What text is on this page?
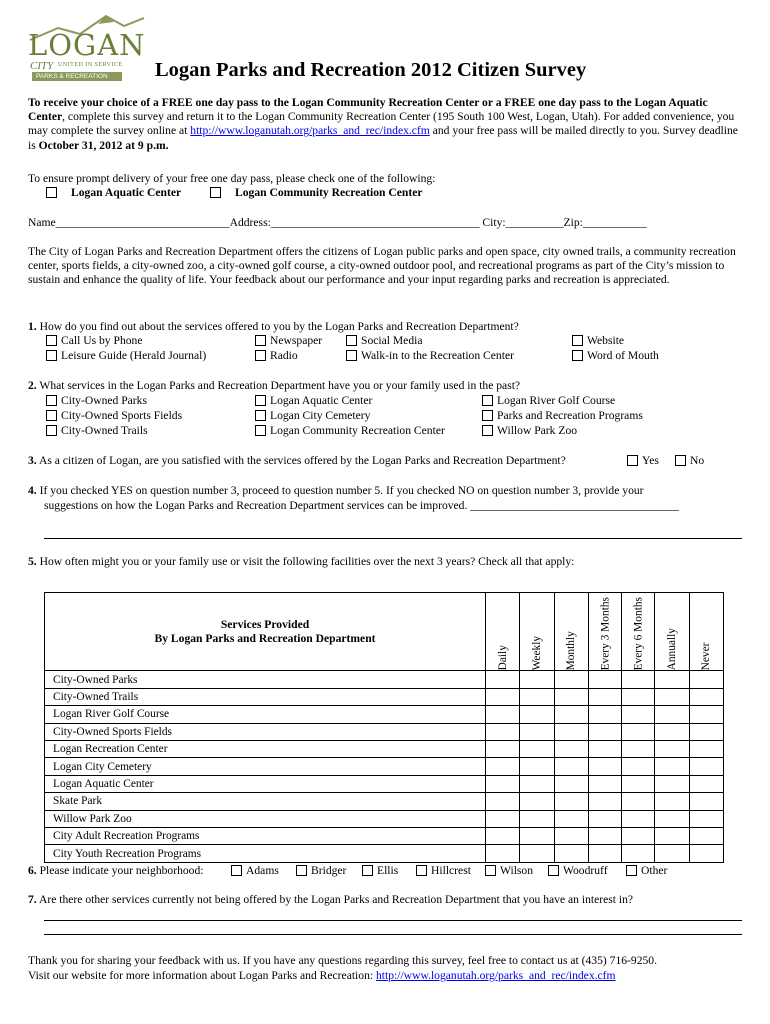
LOGAN
CITY UNITED IN SERVICE
PARKS & RECREATION	Logan Parks and Recreation 2012 Citizen Survey
To receive your choice of a FREE one day pass to the Logan Community Recreation Center or a FREE one day pass to the Logan Aquatic Center, complete this survey and return it to the Logan Community Recreation Center (195 South 100 West, Logan, Utah). For added convenience, you may complete the survey online at http://www.loganutah.org/parks_and_rec/index.cfm and your free pass will be mailed directly to you. Survey deadline is October 31, 2012 at 9 p.m.
To ensure prompt delivery of your free one day pass, please check one of the following:
Logan Aquatic Center	Logan Community Recreation Center
Name______________________________Address:____________________________________ City:__________Zip:___________
The City of Logan Parks and Recreation Department offers the citizens of Logan public parks and open space, city owned trails, a community recreation center, sports fields, a city-owned zoo, a city-owned golf course, a city-owned outdoor pool, and recreational programs as part of the City’s mission to sustain and enhance the quality of life. Your feedback about our performance and your input regarding parks and recreation is appreciated.
1. How do you find out about the services offered to you by the Logan Parks and Recreation Department?
Call Us by Phone	Newspaper	Social Media	Website
Leisure Guide (Herald Journal)	Radio	Walk-in to the Recreation Center	Word of Mouth
2. What services in the Logan Parks and Recreation Department have you or your family used in the past?
City-Owned Parks	Logan Aquatic Center	Logan River Golf Course
City-Owned Sports Fields	Logan City Cemetery	Parks and Recreation Programs
City-Owned Trails	Logan Community Recreation Center	Willow Park Zoo
3. As a citizen of Logan, are you satisfied with the services offered by the Logan Parks and Recreation Department?	Yes	No
4. If you checked YES on question number 3, proceed to question number 5. If you checked NO on question number 3, provide your
suggestions on how the Logan Parks and Recreation Department services can be improved. ____________________________________
5. How often might you or your family use or visit the following facilities over the next 3 years? Check all that apply:
Services Provided
By Logan Parks and Recreation Department	Daily	Weekly	Monthly	Every 3 Months	Every 6 Months	Annually	Never
City-Owned Parks							
City-Owned Trails							
Logan River Golf Course							
City-Owned Sports Fields							
Logan Recreation Center							
Logan City Cemetery							
Logan Aquatic Center							
Skate Park							
Willow Park Zoo							
City Adult Recreation Programs							
City Youth Recreation Programs							
6. Please indicate your neighborhood:	Adams	Bridger	Ellis	Hillcrest	Wilson	Woodruff	Other
7. Are there other services currently not being offered by the Logan Parks and Recreation Department that you have an interest in?
Thank you for sharing your feedback with us. If you have any questions regarding this survey, feel free to contact us at (435) 716-9250.
Visit our website for more information about Logan Parks and Recreation: http://www.loganutah.org/parks_and_rec/index.cfm
